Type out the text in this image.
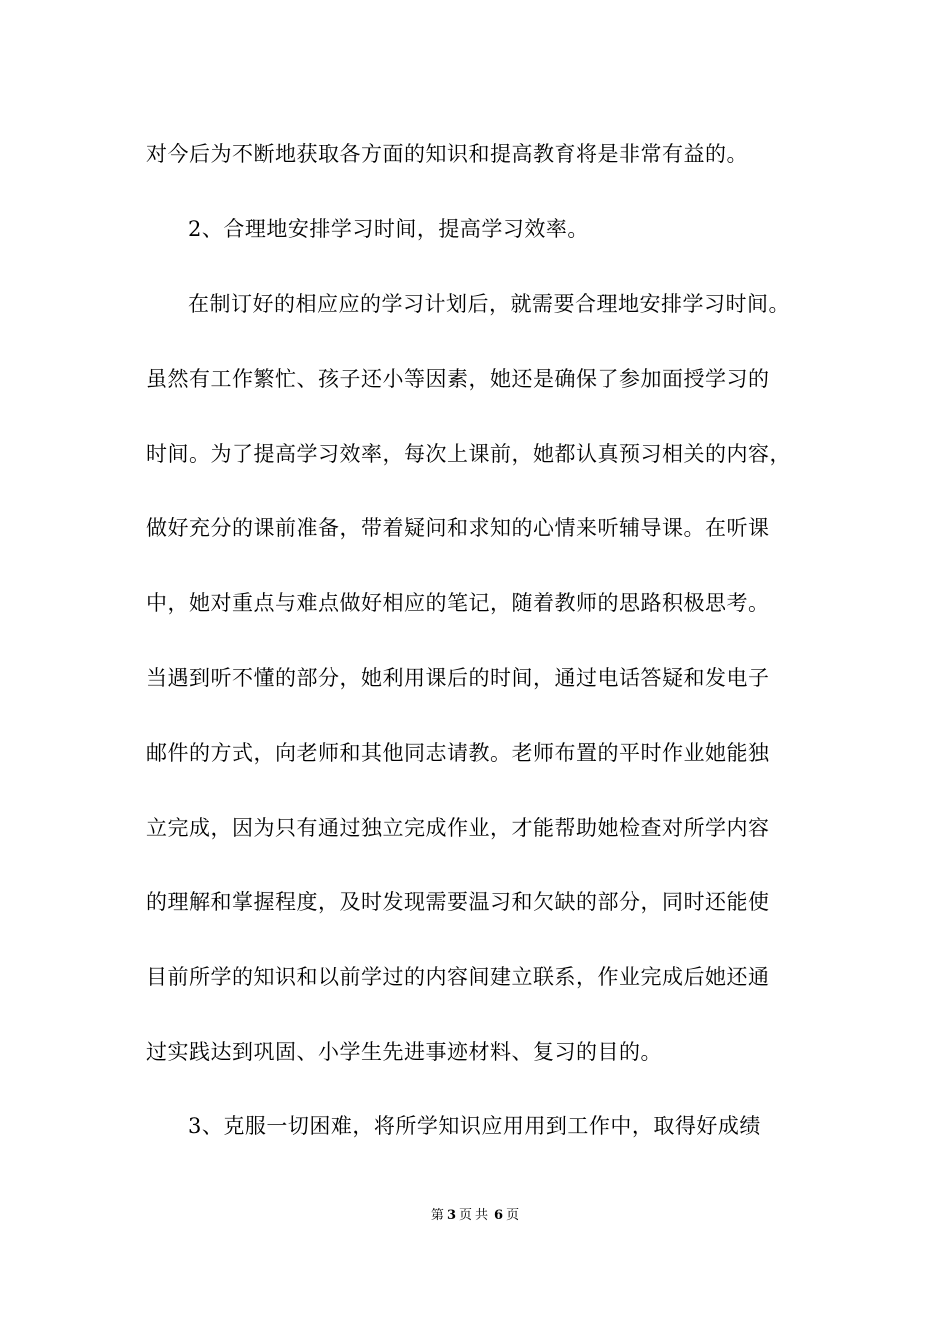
对今后为不断地获取各方面的知识和提高教育将是非常有益的。
2、合理地安排学习时间，提高学习效率。
在制订好的相应应的学习计划后，就需要合理地安排学习时间。
虽然有工作繁忙、孩子还小等因素，她还是确保了参加面授学习的
时间。为了提高学习效率，每次上课前，她都认真预习相关的内容，
做好充分的课前准备，带着疑问和求知的心情来听辅导课。在听课
中，她对重点与难点做好相应的笔记，随着教师的思路积极思考。
当遇到听不懂的部分，她利用课后的时间，通过电话答疑和发电子
邮件的方式，向老师和其他同志请教。老师布置的平时作业她能独
立完成，因为只有通过独立完成作业，才能帮助她检查对所学内容
的理解和掌握程度，及时发现需要温习和欠缺的部分，同时还能使
目前所学的知识和以前学过的内容间建立联系，作业完成后她还通
过实践达到巩固、小学生先进事迹材料、复习的目的。
3、克服一切困难，将所学知识应用用到工作中，取得好成绩
第 3 页 共 6 页
